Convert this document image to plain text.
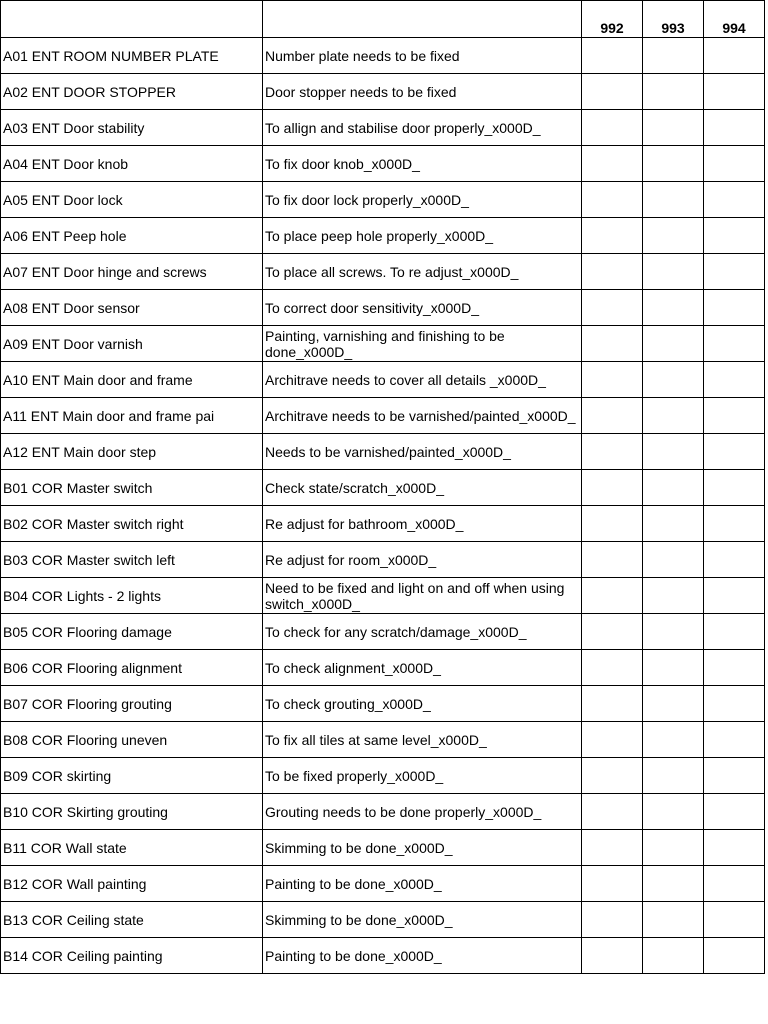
		992	993	994
A01 ENT ROOM NUMBER PLATE	Number plate needs to be fixed			
A02 ENT DOOR STOPPER	Door stopper needs to be fixed			
A03 ENT Door stability	To allign and stabilise door properly_x000D_			
A04 ENT Door knob	To fix door knob_x000D_			
A05 ENT Door lock	To fix door lock properly_x000D_			
A06 ENT Peep hole	To place peep hole properly_x000D_			
A07 ENT Door hinge and screws	To place all screws. To re adjust_x000D_			
A08 ENT Door sensor	To correct door sensitivity_x000D_			
A09 ENT Door varnish	Painting, varnishing and finishing to be done_x000D_			
A10 ENT Main door and frame	Architrave needs to cover all details _x000D_			
A11 ENT Main door and frame pai	Architrave needs to be varnished/painted_x000D_			
A12 ENT Main door step	Needs to be varnished/painted_x000D_			
B01 COR Master switch	Check state/scratch_x000D_			
B02 COR Master switch right	Re adjust for bathroom_x000D_			
B03 COR Master switch left	Re adjust for room_x000D_			
B04 COR Lights - 2 lights	Need to be fixed and light on and off when using switch_x000D_			
B05 COR Flooring damage	To check for any scratch/damage_x000D_			
B06 COR Flooring alignment	To check alignment_x000D_			
B07 COR Flooring grouting	To check grouting_x000D_			
B08 COR Flooring uneven	To fix all tiles at same level_x000D_			
B09 COR skirting	To be fixed properly_x000D_			
B10 COR Skirting grouting	Grouting needs to be done properly_x000D_			
B11 COR Wall state	Skimming to be done_x000D_			
B12 COR Wall painting	Painting to be done_x000D_			
B13 COR Ceiling state	Skimming to be done_x000D_			
B14 COR Ceiling painting	Painting to be done_x000D_			
